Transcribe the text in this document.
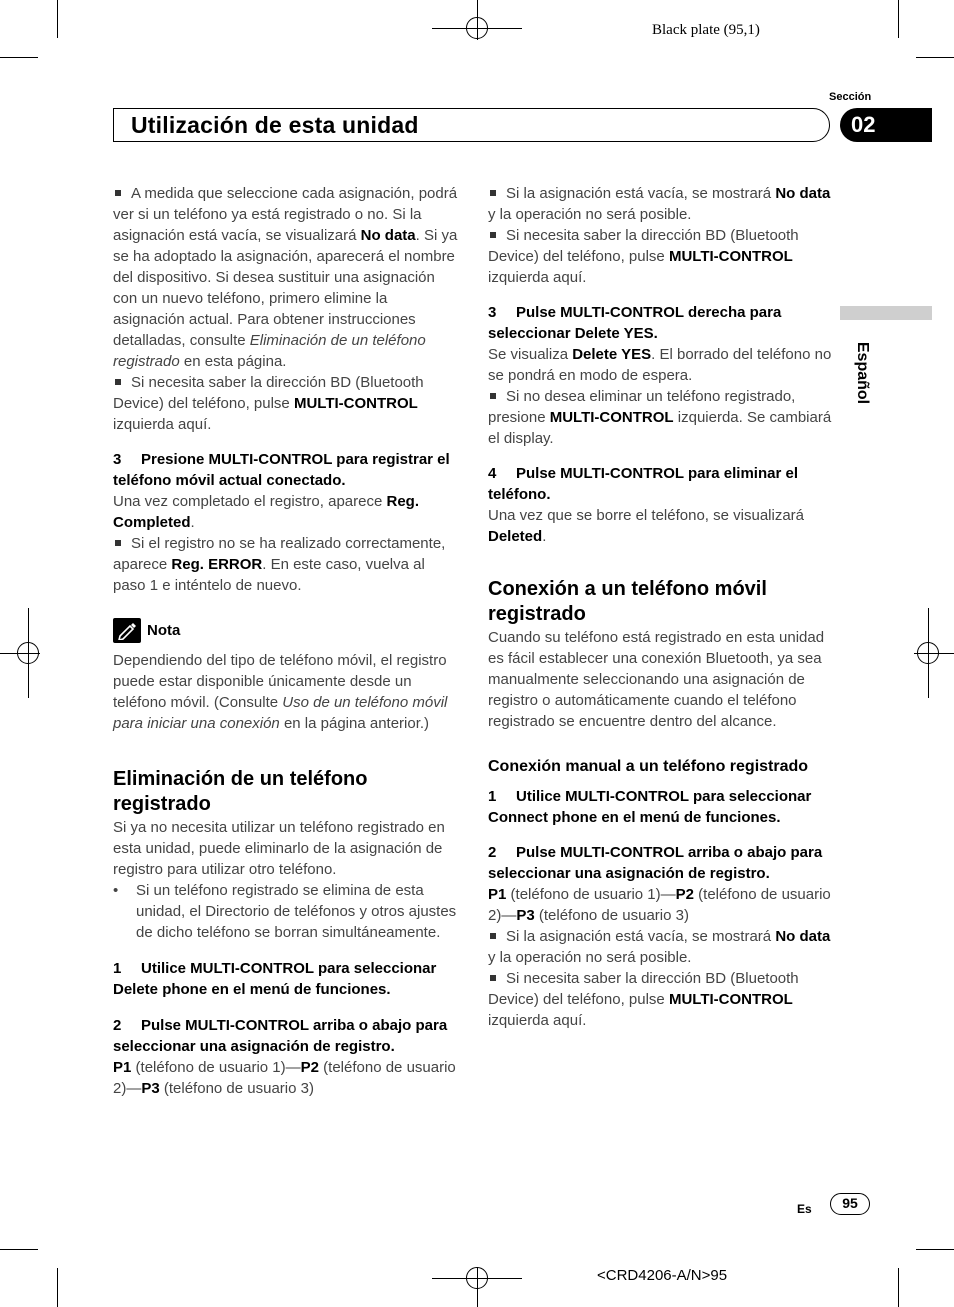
Black plate (95,1)
Sección
Utilización de esta unidad	02
Español

A medida que seleccione cada asignación, podrá ver si un teléfono ya está registrado o no. Si la asignación está vacía, se visualizará No data. Si ya se ha adoptado la asignación, aparecerá el nombre del dispositivo. Si desea sustituir una asignación con un nuevo teléfono, primero elimine la asignación actual. Para obtener instrucciones detalladas, consulte Eliminación de un teléfono registrado en esta página.

Si necesita saber la dirección BD (Bluetooth Device) del teléfono, pulse MULTI-CONTROL izquierda aquí.

3 Presione MULTI-CONTROL para registrar el teléfono móvil actual conectado.

Una vez completado el registro, aparece Reg. Completed.

Si el registro no se ha realizado correctamente, aparece Reg. ERROR. En este caso, vuelva al paso 1 e inténtelo de nuevo.

Nota

Dependiendo del tipo de teléfono móvil, el registro puede estar disponible únicamente desde un teléfono móvil. (Consulte Uso de un teléfono móvil para iniciar una conexión en la página anterior.)

Eliminación de un teléfono registrado

Si ya no necesita utilizar un teléfono registrado en esta unidad, puede eliminarlo de la asignación de registro para utilizar otro teléfono.

• Si un teléfono registrado se elimina de esta unidad, el Directorio de teléfonos y otros ajustes de dicho teléfono se borran simultáneamente.

1 Utilice MULTI-CONTROL para seleccionar Delete phone en el menú de funciones.

2 Pulse MULTI-CONTROL arriba o abajo para seleccionar una asignación de registro.

P1 (teléfono de usuario 1)—P2 (teléfono de usuario 2)—P3 (teléfono de usuario 3)

Si la asignación está vacía, se mostrará No data y la operación no será posible.

Si necesita saber la dirección BD (Bluetooth Device) del teléfono, pulse MULTI-CONTROL izquierda aquí.

3 Pulse MULTI-CONTROL derecha para seleccionar Delete YES.

Se visualiza Delete YES. El borrado del teléfono no se pondrá en modo de espera.

Si no desea eliminar un teléfono registrado, presione MULTI-CONTROL izquierda. Se cambiará el display.

4 Pulse MULTI-CONTROL para eliminar el teléfono.

Una vez que se borre el teléfono, se visualizará Deleted.

Conexión a un teléfono móvil registrado

Cuando su teléfono está registrado en esta unidad es fácil establecer una conexión Bluetooth, ya sea manualmente seleccionando una asignación de registro o automáticamente cuando el teléfono registrado se encuentre dentro del alcance.

Conexión manual a un teléfono registrado

1 Utilice MULTI-CONTROL para seleccionar Connect phone en el menú de funciones.

2 Pulse MULTI-CONTROL arriba o abajo para seleccionar una asignación de registro.

P1 (teléfono de usuario 1)—P2 (teléfono de usuario 2)—P3 (teléfono de usuario 3)

Si la asignación está vacía, se mostrará No data y la operación no será posible.

Si necesita saber la dirección BD (Bluetooth Device) del teléfono, pulse MULTI-CONTROL izquierda aquí.

Es	95
<CRD4206-A/N>95
